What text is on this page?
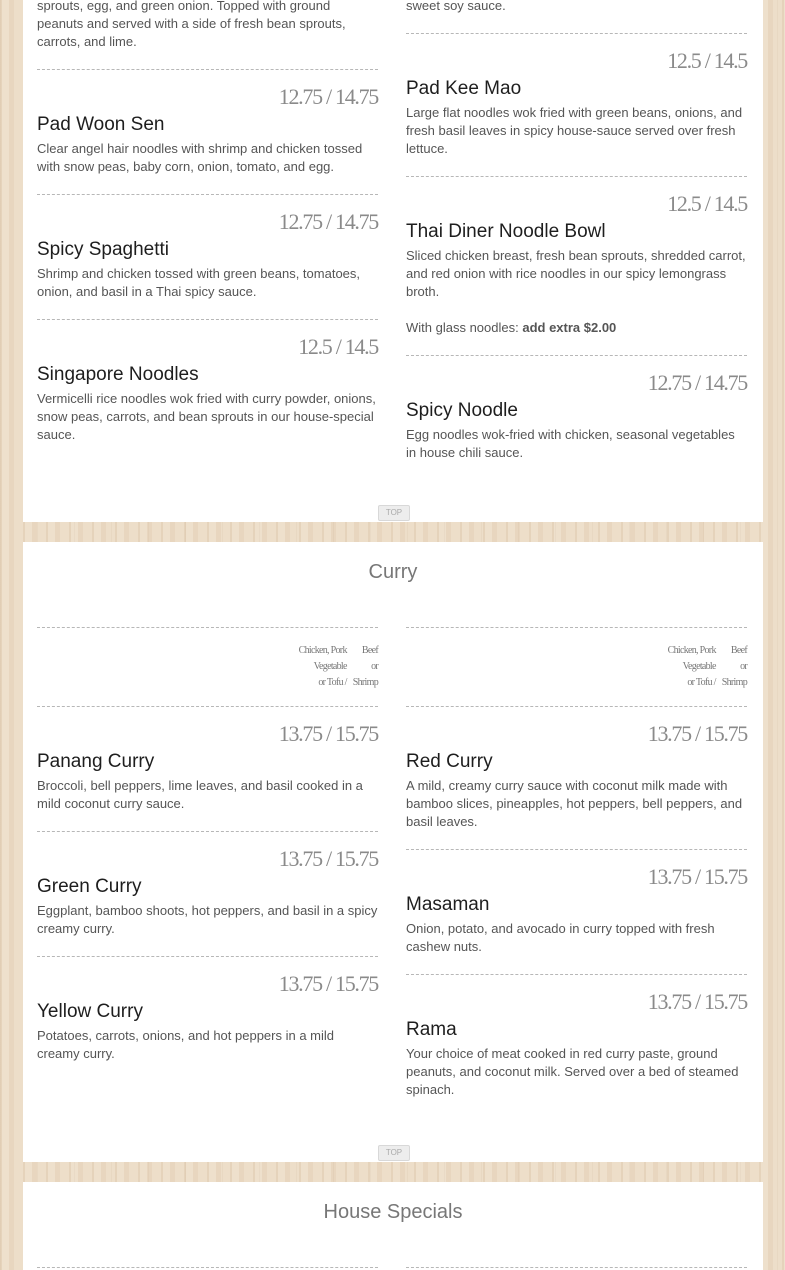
sprouts, egg, and green onion. Topped with ground peanuts and served with a side of fresh bean sprouts, carrots, and lime.

12.75 / 14.75
Pad Woon Sen
Clear angel hair noodles with shrimp and chicken tossed with snow peas, baby corn, onion, tomato, and egg.
12.75 / 14.75
Spicy Spaghetti
Shrimp and chicken tossed with green beans, tomatoes, onion, and basil in a Thai spicy sauce.
12.5 / 14.5
Singapore Noodles
Vermicelli rice noodles wok fried with curry powder, onions, snow peas, carrots, and bean sprouts in our house-special sauce.

sweet soy sauce.

12.5 / 14.5
Pad Kee Mao
Large flat noodles wok fried with green beans, onions, and fresh basil leaves in spicy house-sauce served over fresh lettuce.
12.5 / 14.5
Thai Diner Noodle Bowl
Sliced chicken breast, fresh bean sprouts, shredded carrot, and red onion with rice noodles in our spicy lemongrass broth.
With glass noodles: add extra $2.00
12.75 / 14.75
Spicy Noodle
Egg noodles wok-fried with chicken, seasonal vegetables in house chili sauce.
TOP
Curry
Chicken, Pork
Vegetable
or Tofu /
Beef
or
Shrimp
Chicken, Pork
Vegetable
or Tofu /
Beef
or
Shrimp
13.75 / 15.75
Panang Curry
Broccoli, bell peppers, lime leaves, and basil cooked in a mild coconut curry sauce.
13.75 / 15.75
Green Curry
Eggplant, bamboo shoots, hot peppers, and basil in a spicy creamy curry.
13.75 / 15.75
Yellow Curry
Potatoes, carrots, onions, and hot peppers in a mild creamy curry.
13.75 / 15.75
Red Curry
A mild, creamy curry sauce with coconut milk made with bamboo slices, pineapples, hot peppers, bell peppers, and basil leaves.
13.75 / 15.75
Masaman
Onion, potato, and avocado in curry topped with fresh cashew nuts.
13.75 / 15.75
Rama
Your choice of meat cooked in red curry paste, ground peanuts, and coconut milk. Served over a bed of steamed spinach.
TOP
House Specials
